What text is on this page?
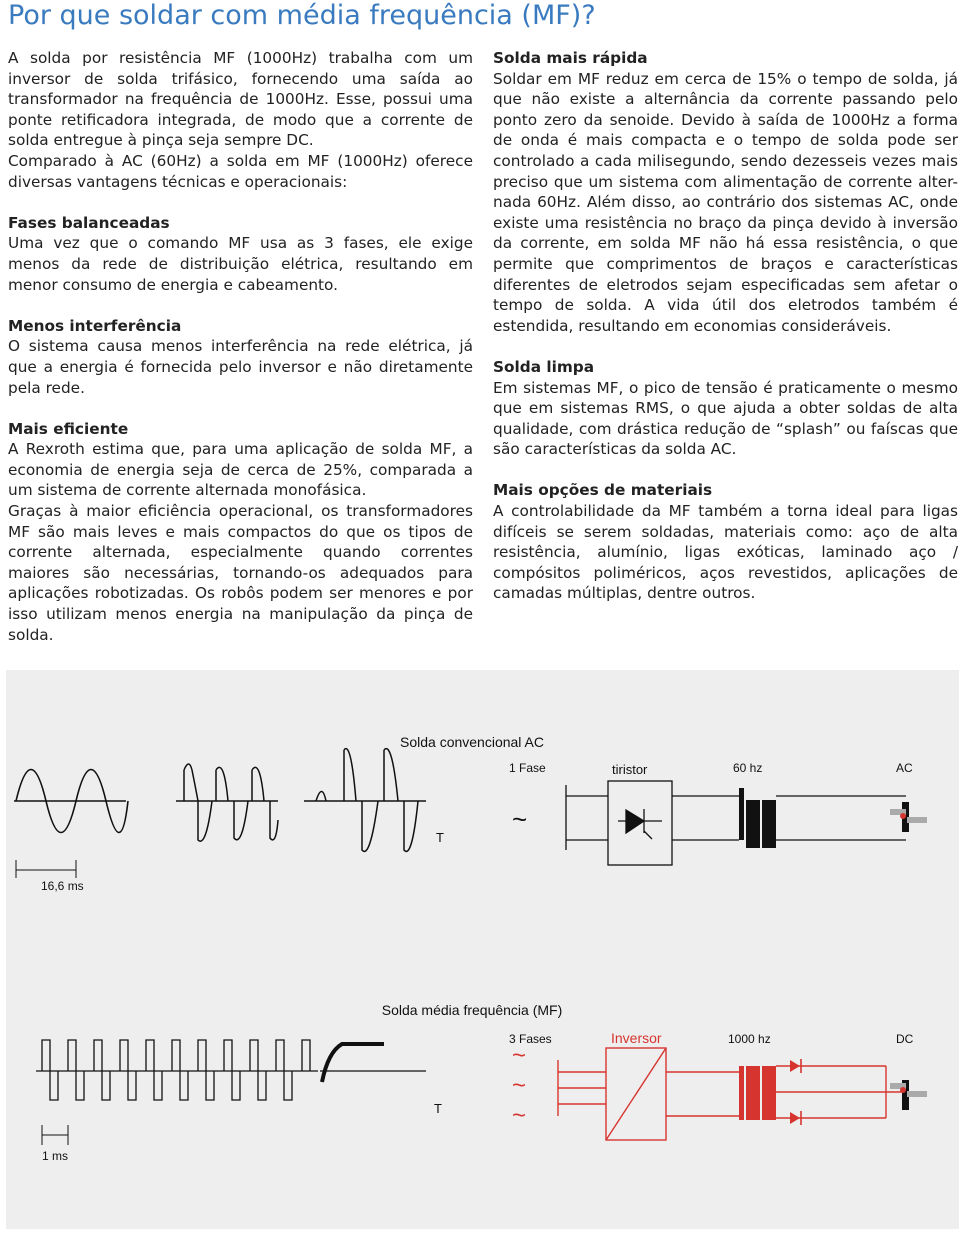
Por que soldar com média frequência (MF)?

A solda por resistência MF (1000Hz) trabalha com um inversor de solda trifásico, fornecendo uma saída ao transformador na frequência de 1000Hz. Esse, possui uma ponte retificadora integrada, de modo que a corrente de solda entregue à pinça seja sempre DC.

Comparado à AC (60Hz) a solda em MF (1000Hz) oferece diversas vantagens técnicas e operacionais:

Fases balanceadas

Uma vez que o comando MF usa as 3 fases, ele exige menos da rede de distribuição elétrica, resultando em menor consumo de energia e cabeamento.

Menos interferência

O sistema causa menos interferência na rede elétrica, já que a energia é fornecida pelo inversor e não diretamente pela rede.

Mais eficiente

A Rexroth estima que, para uma aplicação de solda MF, a economia de energia seja de cerca de 25%, comparada a um sistema de corrente alternada monofásica.

Graças à maior eficiência operacional, os transformadores MF são mais leves e mais compactos do que os tipos de corrente alternada, especialmente quando correntes maiores são necessárias, tornando-os adequados para aplicações robotizadas. Os robôs podem ser menores e por isso utilizam menos energia na manipulação da pinça de solda.

Solda mais rápida

Soldar em MF reduz em cerca de 15% o tempo de solda, já que não existe a alternância da corrente passando pelo ponto zero da senoide. Devido à saída de 1000Hz a forma de onda é mais compacta e o tempo de solda pode ser controlado a cada milisegundo, sendo dezesseis vezes mais preciso que um sistema com alimentação de corrente alter-nada 60Hz. Além disso, ao contrário dos sistemas AC, onde existe uma resistência no braço da pinça devido à inversão da corrente, em solda MF não há essa resistência, o que permite que comprimentos de braços e características diferentes de eletrodos sejam especificadas sem afetar o tempo de solda. A vida útil dos eletrodos também é estendida, resultando em economias consideráveis.

Solda limpa

Em sistemas MF, o pico de tensão é praticamente o mesmo que em sistemas RMS, o que ajuda a obter soldas de alta qualidade, com drástica redução de “splash” ou faíscas que são características da solda AC.

Mais opções de materiais

A controlabilidade da MF também a torna ideal para ligas difíceis se serem soldadas, materiais como: aço de alta resistência, alumínio, ligas exóticas, laminado aço / compósitos poliméricos, aços revestidos, aplicações de camadas múltiplas, dentre outros.

Solda convencional AC
T
16,6 ms
1 Fase	tiristor	60 hz	AC
~
Solda média frequência (MF)
T
1 ms
3 Fases	Inversor	1000 hz	DC
~
~
~
